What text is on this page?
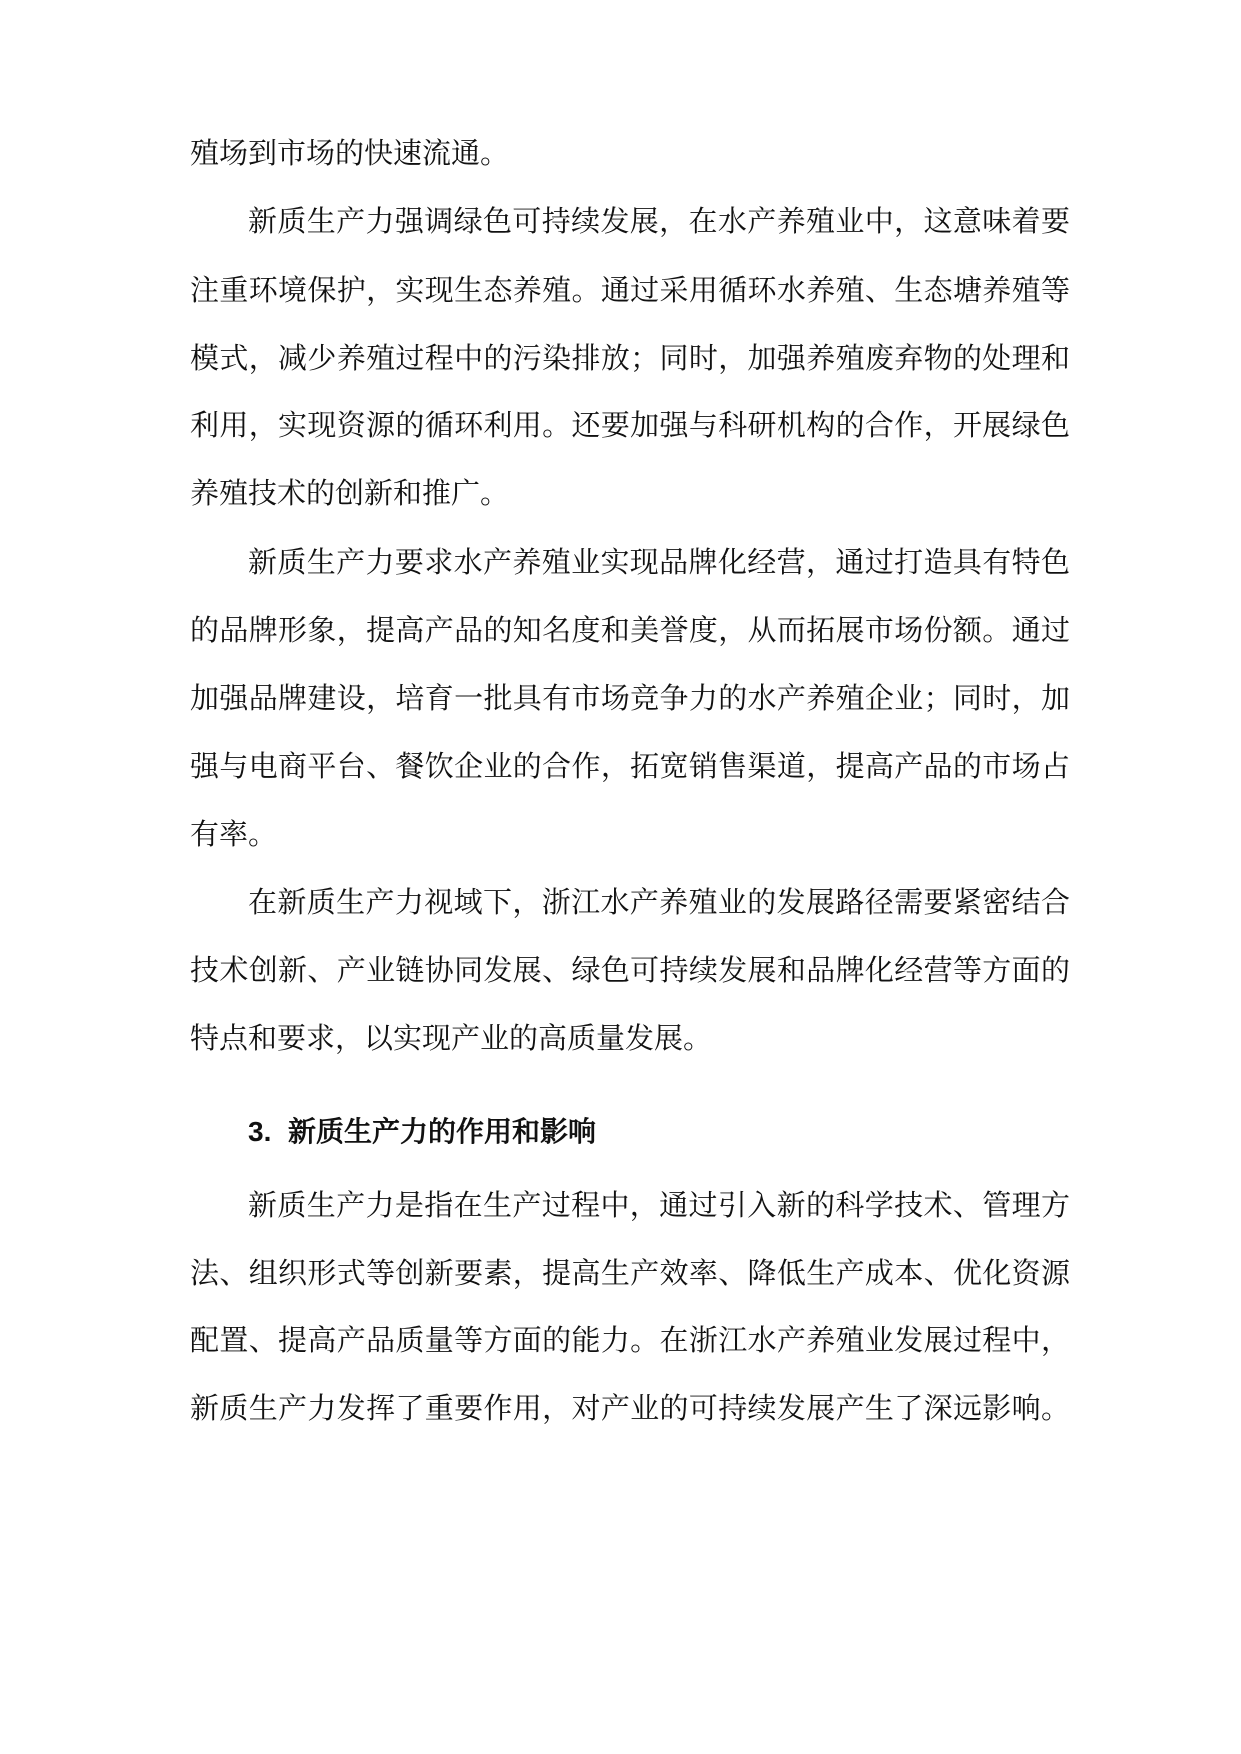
殖场到市场的快速流通。
新质生产力强调绿色可持续发展，在水产养殖业中，这意味着要
注重环境保护，实现生态养殖。通过采用循环水养殖、生态塘养殖等
模式，减少养殖过程中的污染排放；同时，加强养殖废弃物的处理和
利用，实现资源的循环利用。还要加强与科研机构的合作，开展绿色
养殖技术的创新和推广。
新质生产力要求水产养殖业实现品牌化经营，通过打造具有特色
的品牌形象，提高产品的知名度和美誉度，从而拓展市场份额。通过
加强品牌建设，培育一批具有市场竞争力的水产养殖企业；同时，加
强与电商平台、餐饮企业的合作，拓宽销售渠道，提高产品的市场占
有率。
在新质生产力视域下，浙江水产养殖业的发展路径需要紧密结合
技术创新、产业链协同发展、绿色可持续发展和品牌化经营等方面的
特点和要求，以实现产业的高质量发展。
3. 新质生产力的作用和影响
新质生产力是指在生产过程中，通过引入新的科学技术、管理方
法、组织形式等创新要素，提高生产效率、降低生产成本、优化资源
配置、提高产品质量等方面的能力。在浙江水产养殖业发展过程中，
新质生产力发挥了重要作用，对产业的可持续发展产生了深远影响。
